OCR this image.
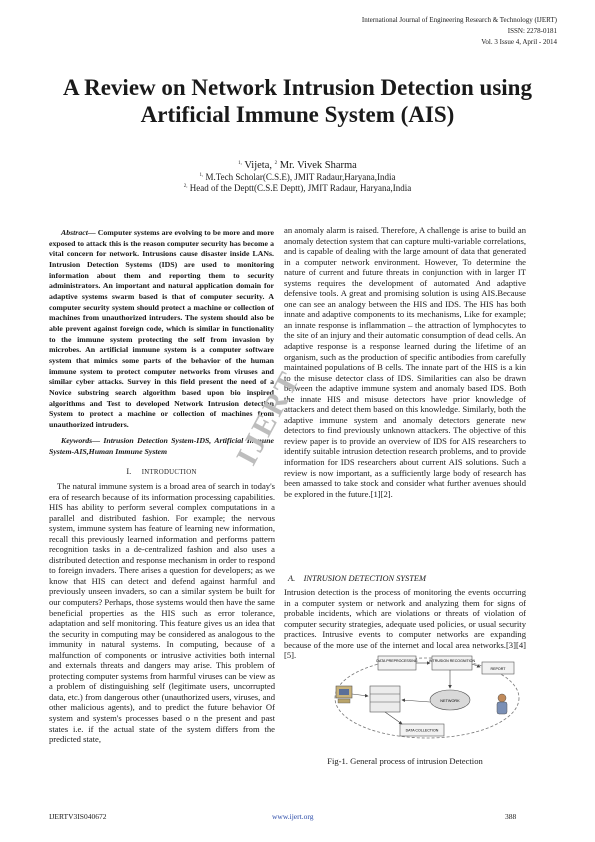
International Journal of Engineering Research & Technology (IJERT)
ISSN: 2278-0181
Vol. 3 Issue 4, April - 2014
A Review on Network Intrusion Detection using
Artificial Immune System (AIS)
$^{1,}$ Vijeta, $^2$ Mr. Vivek Sharma
$^{1,}$ M.Tech Scholar(C.S.E), JMIT Radaur,Haryana,India
$^{2,}$ Head of the Deptt(C.S.E Deptt), JMIT Radaur, Haryana,India

Abstract— Computer systems are evolving to be more and more exposed to attack this is the reason computer security has become a vital concern for network. Intrusions cause disaster inside LANs. Intrusion Detection Systems (IDS) are used to monitoring information about them and reporting them to security administrators. An important and natural application domain for adaptive systems swarm based is that of computer security. A computer security system should protect a machine or collection of machines from unauthorized intruders. The system should also be able prevent against foreign code, which is similar in functionality to the immune system protecting the self from invasion by microbes. An artificial immune system is a computer software system that mimics some parts of the behavior of the human immune system to protect computer networks from viruses and similar cyber attacks. Survey in this field present the need of a Novice substring search algorithm based upon bio inspired algorithms and Test to developed Network Intrusion detection System to protect a machine or collection of machines from unauthorized intruders.

Keywords— Intrusion Detection System-IDS, Artificial Immune System-AIS,Human Immune System

I. INTRODUCTION

The natural immune system is a broad area of search in today's era of research because of its information processing capabilities. HIS has ability to perform several complex computations in a parallel and distributed fashion. For example; the nervous system, immune system has feature of learning new information, recall this previously learned information and performs pattern recognition tasks in a de-centralized fashion and also uses a distributed detection and response mechanism in order to respond to foreign invaders. There arises a question for developers; as we know that HIS can detect and defend against harmful and previously unseen invaders, so can a similar system be built for our computers? Perhaps, those systems would then have the same beneficial properties as the HIS such as error tolerance, adaptation and self monitoring. This feature gives us an idea that the security in computing may be considered as analogous to the immunity in natural systems. In computing, because of a malfunction of components or intrusive activities both internal and externals threats and dangers may arise. This problem of protecting computer systems from harmful viruses can be view as a problem of distinguishing self (legitimate users, uncorrupted data, etc.) from dangerous other (unauthorized users, viruses, and other malicious agents), and to predict the future behavior Of system and system's processes based o n the present and past states i.e. if the actual state of the system differs from the predicted state,

an anomaly alarm is raised. Therefore, A challenge is arise to build an anomaly detection system that can capture multi-variable correlations, and is capable of dealing with the large amount of data that generated in a computer network environment. However, To determine the nature of current and future threats in conjunction with in larger IT systems requires the development of automated And adaptive defensive tools. A great and promising solution is using AIS.Because one can see an analogy between the HIS and IDS. The HIS has both innate and adaptive components to its mechanisms, Like for example; an innate response is inflammation – the attraction of lymphocytes to the site of an injury and their automatic consumption of dead cells. An adaptive response is a response learned during the lifetime of an organism, such as the production of specific antibodies from carefully maintained populations of B cells. The innate part of the HIS is a kin to the misuse detector class of IDS. Similarities can also be drawn between the adaptive immune system and anomaly based IDS. Both the innate HIS and misuse detectors have prior knowledge of attackers and detect them based on this knowledge. Similarly, both the adaptive immune system and anomaly detectors generate new detectors to find previously unknown attackers. The objective of this review paper is to provide an overview of IDS for AIS researchers to identify suitable intrusion detection research problems, and to provide information for IDS researchers about current AIS solutions. Such a review is now important, as a sufficiently large body of research has been amassed to take stock and consider what further avenues should be explored in the future.[1][2].

A. INTRUSION DETECTION SYSTEM

Intrusion detection is the process of monitoring the events occurring in a computer system or network and analyzing them for signs of probable incidents, which are violations or threats of violation of computer security strategies, adequate used policies, or usual security practices. Intrusive events to computer networks are expanding because of the more use of the internet and local area networks.[3][4][5].

DATA PREPROCESSING	INTRUSION RECOGNITION
REPORT
NETWORK
DATA COLLECTION
Fig-1. General process of intrusion Detection
IJERT
IJERTV3IS040672	www.ijert.org	388
